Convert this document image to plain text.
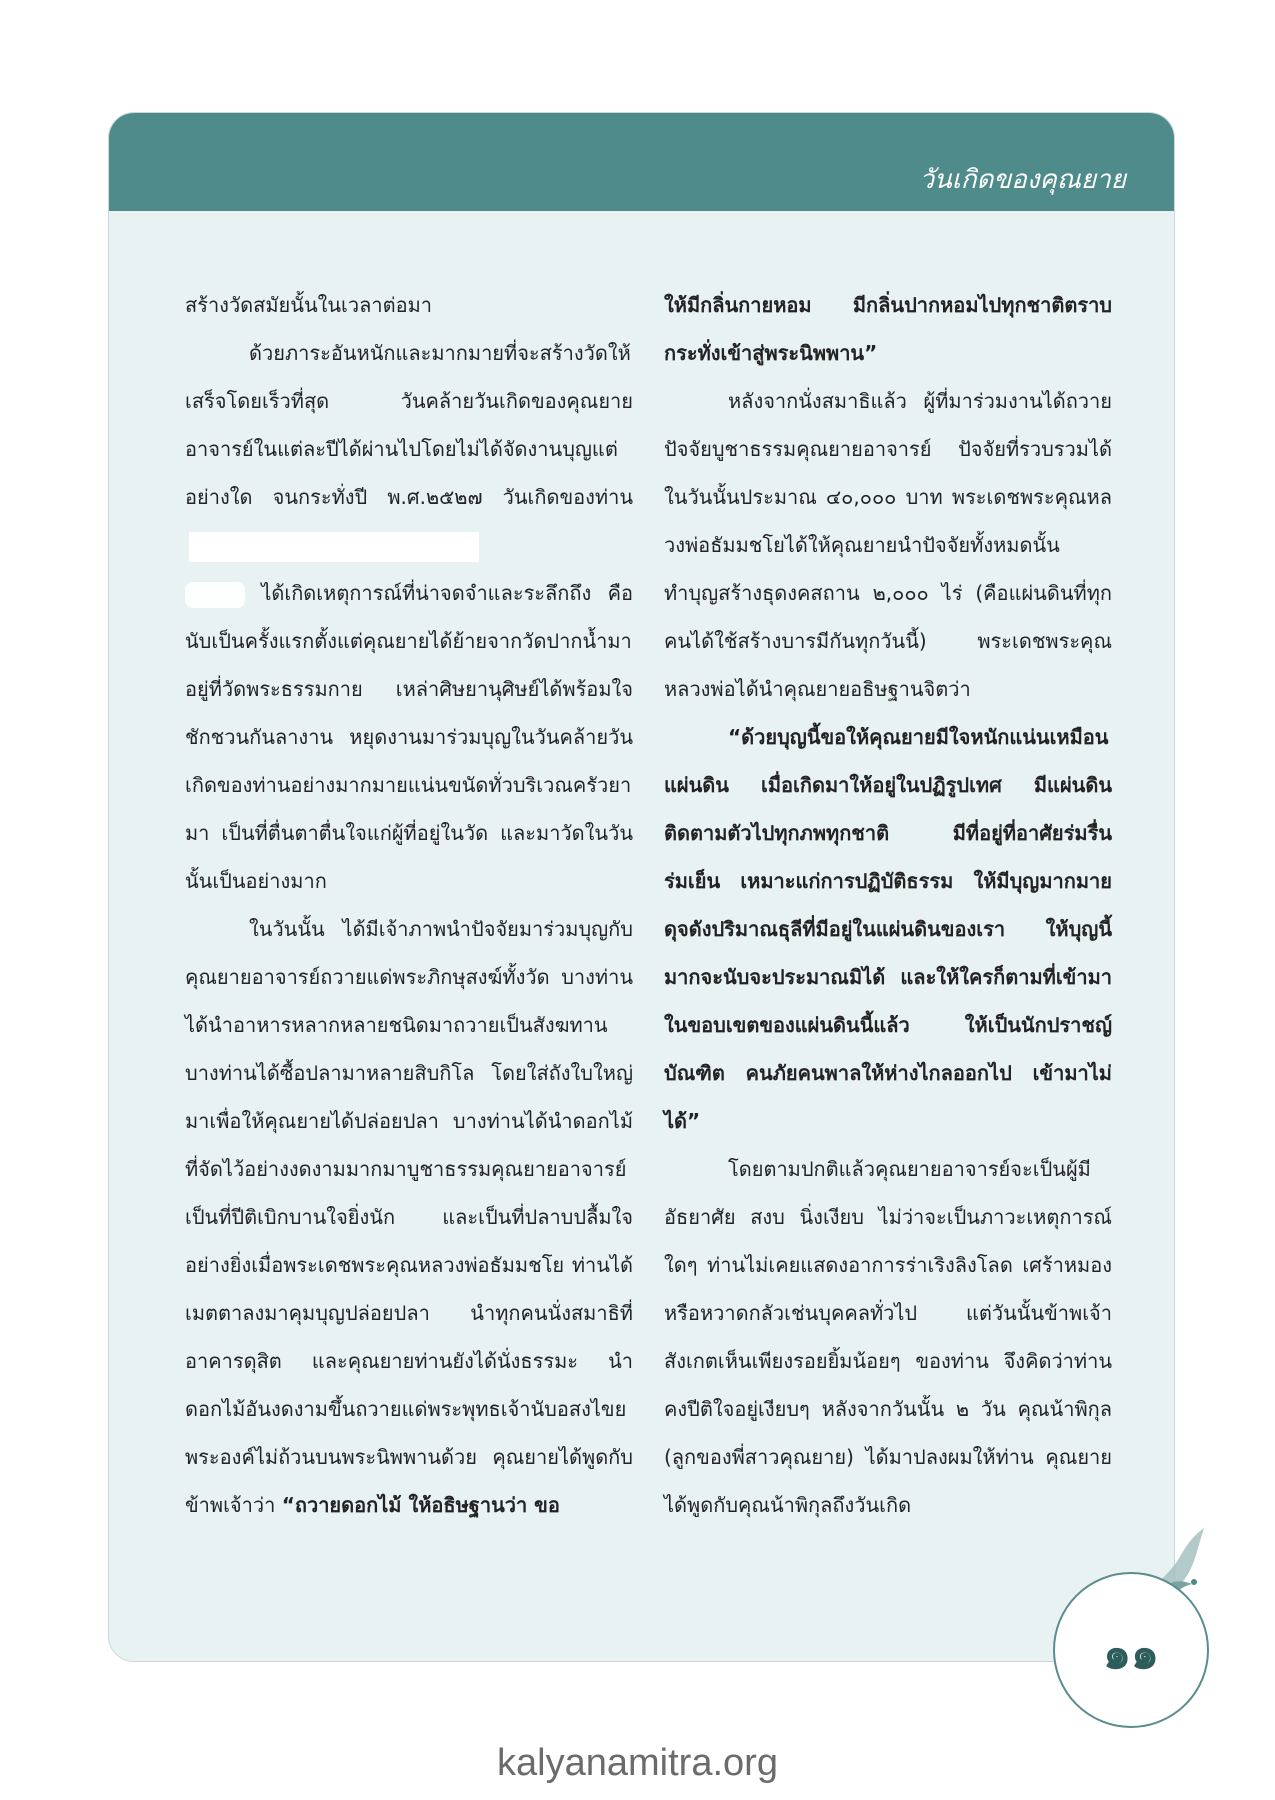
วันเกิดของคุณยาย

สร้างวัดสมัยนั้นในเวลาต่อมา

ด้วยภาระอันหนักและมากมายที่จะสร้างวัดให้เสร็จโดยเร็วที่สุด วันคล้ายวันเกิดของคุณยายอาจารย์ในแต่ละปีได้ผ่านไปโดยไม่ได้จัดงานบุญแต่อย่างใด จนกระทั่งปี พ.ศ.๒๕๒๗ วันเกิดของท่าน

ได้เกิดเหตุการณ์ที่น่าจดจำและระลึกถึง คือ นับเป็นครั้งแรกตั้งแต่คุณยายได้ย้ายจากวัดปากน้ำมาอยู่ที่วัดพระธรรมกาย เหล่าศิษยานุศิษย์ได้พร้อมใจชักชวนกันลางาน หยุดงานมาร่วมบุญในวันคล้ายวันเกิดของท่านอย่างมากมายแน่นขนัดทั่วบริเวณครัวยามา เป็นที่ตื่นตาตื่นใจแก่ผู้ที่อยู่ในวัด และมาวัดในวันนั้นเป็นอย่างมาก

ในวันนั้น ได้มีเจ้าภาพนำปัจจัยมาร่วมบุญกับคุณยายอาจารย์ถวายแด่พระภิกษุสงฆ์ทั้งวัด บางท่านได้นำอาหารหลากหลายชนิดมาถวายเป็นสังฆทาน บางท่านได้ซื้อปลามาหลายสิบกิโล โดยใส่ถังใบใหญ่มาเพื่อให้คุณยายได้ปล่อยปลา บางท่านได้นำดอกไม้ที่จัดไว้อย่างงดงามมากมาบูชาธรรมคุณยายอาจารย์ เป็นที่ปีติเบิกบานใจยิ่งนัก และเป็นที่ปลาบปลื้มใจอย่างยิ่งเมื่อพระเดชพระคุณหลวงพ่อธัมมชโย ท่านได้เมตตาลงมาคุมบุญปล่อยปลา นำทุกคนนั่งสมาธิที่อาคารดุสิต และคุณยายท่านยังได้นั่งธรรมะ นำดอกไม้อันงดงามขึ้นถวายแด่พระพุทธเจ้านับอสงไขยพระองค์ไม่ถ้วนบนพระนิพพานด้วย คุณยายได้พูดกับข้าพเจ้าว่า “ถวายดอกไม้ ให้อธิษฐานว่า ขอ

ให้มีกลิ่นกายหอม มีกลิ่นปากหอมไปทุกชาติตราบกระทั่งเข้าสู่พระนิพพาน”

หลังจากนั่งสมาธิแล้ว ผู้ที่มาร่วมงานได้ถวายปัจจัยบูชาธรรมคุณยายอาจารย์ ปัจจัยที่รวบรวมได้ในวันนั้นประมาณ ๔๐,๐๐๐ บาท พระเดชพระคุณหลวงพ่อธัมมชโยได้ให้คุณยายนำปัจจัยทั้งหมดนั้น ทำบุญสร้างธุดงคสถาน ๒,๐๐๐ ไร่ (คือแผ่นดินที่ทุกคนได้ใช้สร้างบารมีกันทุกวันนี้) พระเดชพระคุณหลวงพ่อได้นำคุณยายอธิษฐานจิตว่า

“ด้วยบุญนี้ขอให้คุณยายมีใจหนักแน่นเหมือนแผ่นดิน เมื่อเกิดมาให้อยู่ในปฏิรูปเทศ มีแผ่นดินติดตามตัวไปทุกภพทุกชาติ มีที่อยู่ที่อาศัยร่มรื่น ร่มเย็น เหมาะแก่การปฏิบัติธรรม ให้มีบุญมากมาย ดุจดังปริมาณธุลีที่มีอยู่ในแผ่นดินของเรา ให้บุญนี้มากจะนับจะประมาณมิได้ และให้ใครก็ตามที่เข้ามาในขอบเขตของแผ่นดินนี้แล้ว ให้เป็นนักปราชญ์บัณฑิต คนภัยคนพาลให้ห่างไกลออกไป เข้ามาไม่ได้”

โดยตามปกติแล้วคุณยายอาจารย์จะเป็นผู้มีอัธยาศัย สงบ นิ่งเงียบ ไม่ว่าจะเป็นภาวะเหตุการณ์ใดๆ ท่านไม่เคยแสดงอาการร่าเริงลิงโลด เศร้าหมอง หรือหวาดกลัวเช่นบุคคลทั่วไป แต่วันนั้นข้าพเจ้าสังเกตเห็นเพียงรอยยิ้มน้อยๆ ของท่าน จึงคิดว่าท่านคงปีติใจอยู่เงียบๆ หลังจากวันนั้น ๒ วัน คุณน้าพิกุล (ลูกของพี่สาวคุณยาย) ได้มาปลงผมให้ท่าน คุณยายได้พูดกับคุณน้าพิกุลถึงวันเกิด

๑๑
kalyanamitra.org
